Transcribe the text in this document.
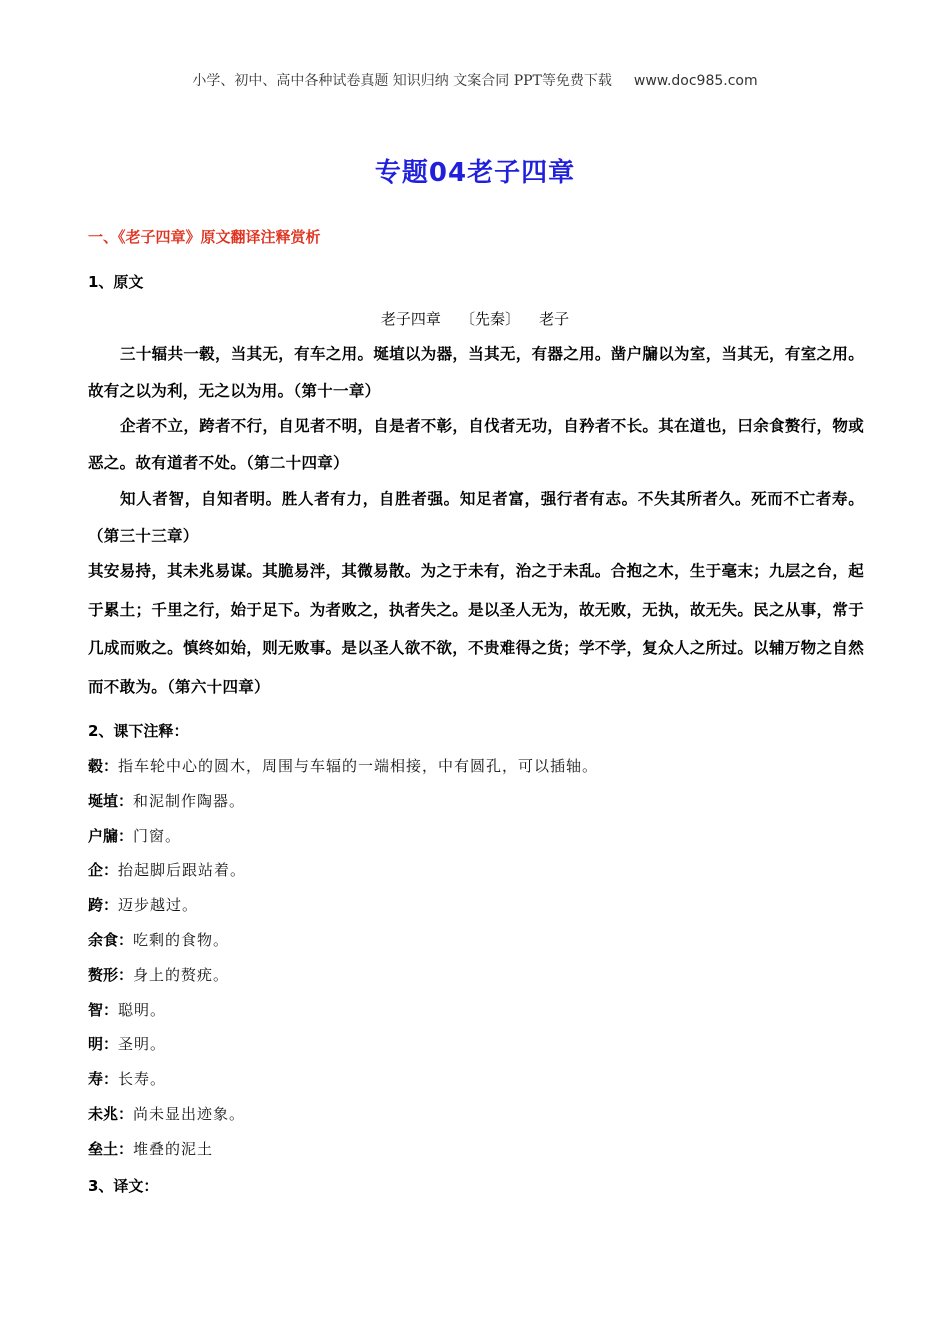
小学、初中、高中各种试卷真题 知识归纳 文案合同 PPT等免费下载 www.doc985.com
专题04老子四章
一、《老子四章》原文翻译注释赏析
1、原文
老子四章    〔先秦〕    老子
三十辐共一毂，当其无，有车之用。埏埴以为器，当其无，有器之用。凿户牖以为室，当其无，有室之用。故有之以为利，无之以为用。（第十一章）
企者不立，跨者不行，自见者不明，自是者不彰，自伐者无功，自矜者不长。其在道也，曰余食赘行，物或恶之。故有道者不处。（第二十四章）
知人者智，自知者明。胜人者有力，自胜者强。知足者富，强行者有志。不失其所者久。死而不亡者寿。（第三十三章）
其安易持，其未兆易谋。其脆易泮，其微易散。为之于未有，治之于未乱。合抱之木，生于毫末；九层之台，起于累土；千里之行，始于足下。为者败之，执者失之。是以圣人无为，故无败，无执，故无失。民之从事，常于几成而败之。慎终如始，则无败事。是以圣人欲不欲，不贵难得之货；学不学，复众人之所过。以辅万物之自然而不敢为。（第六十四章）
2、课下注释：
毂：指车轮中心的圆木，周围与车辐的一端相接，中有圆孔，可以插轴。
埏埴：和泥制作陶器。
户牖：门窗。
企：抬起脚后跟站着。
跨：迈步越过。
余食：吃剩的食物。
赘形：身上的赘疣。
智：聪明。
明：圣明。
寿：长寿。
未兆：尚未显出迹象。
垒土：堆叠的泥土
3、译文：
